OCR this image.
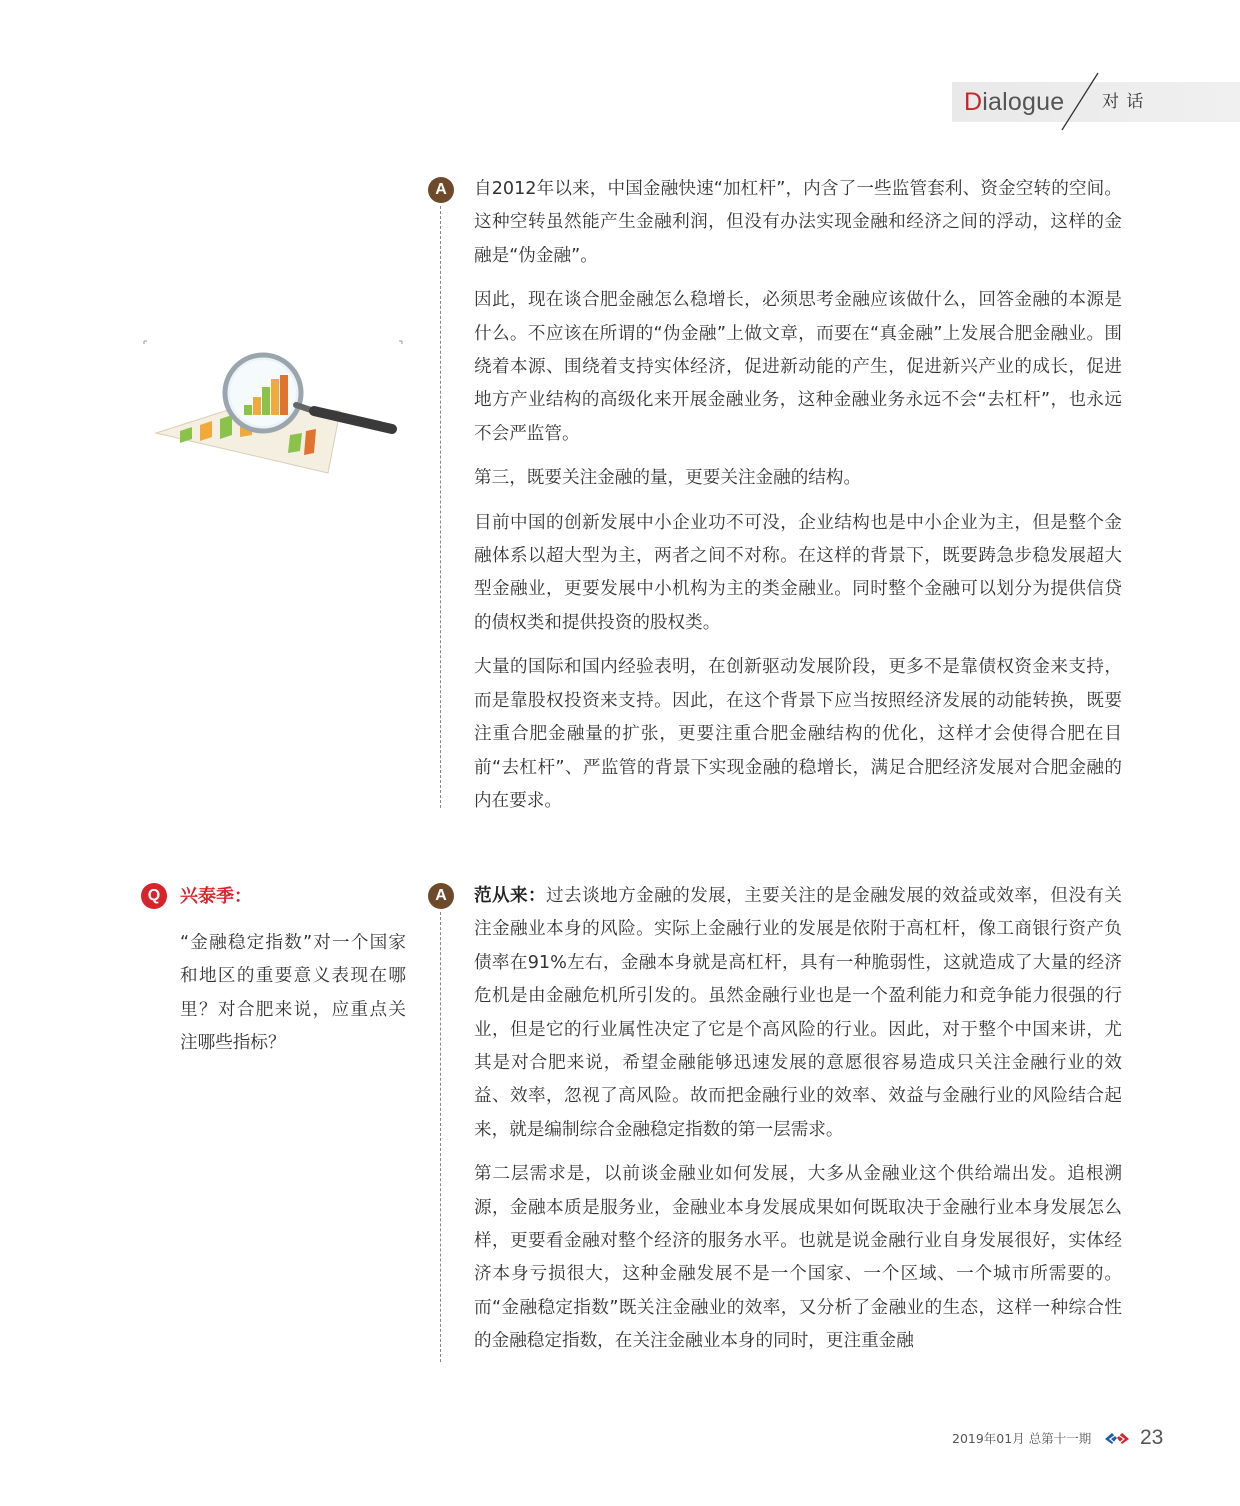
Dialogue 对 话
A	自2012年以来，中国金融快速“加杠杆”，内含了一些监管套利、资金空转的空间。这种空转虽然能产生金融利润，但没有办法实现金融和经济之间的浮动，这样的金融是“伪金融”。

因此，现在谈合肥金融怎么稳增长，必须思考金融应该做什么，回答金融的本源是什么。不应该在所谓的“伪金融”上做文章，而要在“真金融”上发展合肥金融业。围绕着本源、围绕着支持实体经济，促进新动能的产生，促进新兴产业的成长，促进地方产业结构的高级化来开展金融业务，这种金融业务永远不会“去杠杆”，也永远不会严监管。

第三，既要关注金融的量，更要关注金融的结构。

目前中国的创新发展中小企业功不可没，企业结构也是中小企业为主，但是整个金融体系以超大型为主，两者之间不对称。在这样的背景下，既要踌急步稳发展超大型金融业，更要发展中小机构为主的类金融业。同时整个金融可以划分为提供信贷的债权类和提供投资的股权类。

大量的国际和国内经验表明，在创新驱动发展阶段，更多不是靠债权资金来支持，而是靠股权投资来支持。因此，在这个背景下应当按照经济发展的动能转换，既要注重合肥金融量的扩张，更要注重合肥金融结构的优化，这样才会使得合肥在目前“去杠杆”、严监管的背景下实现金融的稳增长，满足合肥经济发展对合肥金融的内在要求。

Q	兴泰季：

“金融稳定指数”对一个国家和地区的重要意义表现在哪里？对合肥来说，应重点关注哪些指标？

A	范从来：过去谈地方金融的发展，主要关注的是金融发展的效益或效率，但没有关注金融业本身的风险。实际上金融行业的发展是依附于高杠杆，像工商银行资产负债率在91%左右，金融本身就是高杠杆，具有一种脆弱性，这就造成了大量的经济危机是由金融危机所引发的。虽然金融行业也是一个盈利能力和竞争能力很强的行业，但是它的行业属性决定了它是个高风险的行业。因此，对于整个中国来讲，尤其是对合肥来说，希望金融能够迅速发展的意愿很容易造成只关注金融行业的效益、效率，忽视了高风险。故而把金融行业的效率、效益与金融行业的风险结合起来，就是编制综合金融稳定指数的第一层需求。

第二层需求是，以前谈金融业如何发展，大多从金融业这个供给端出发。追根溯源，金融本质是服务业，金融业本身发展成果如何既取决于金融行业本身发展怎么样，更要看金融对整个经济的服务水平。也就是说金融行业自身发展很好，实体经济本身亏损很大，这种金融发展不是一个国家、一个区域、一个城市所需要的。而“金融稳定指数”既关注金融业的效率，又分析了金融业的生态，这样一种综合性的金融稳定指数，在关注金融业本身的同时，更注重金融

2019年01月 总第十一期 23
